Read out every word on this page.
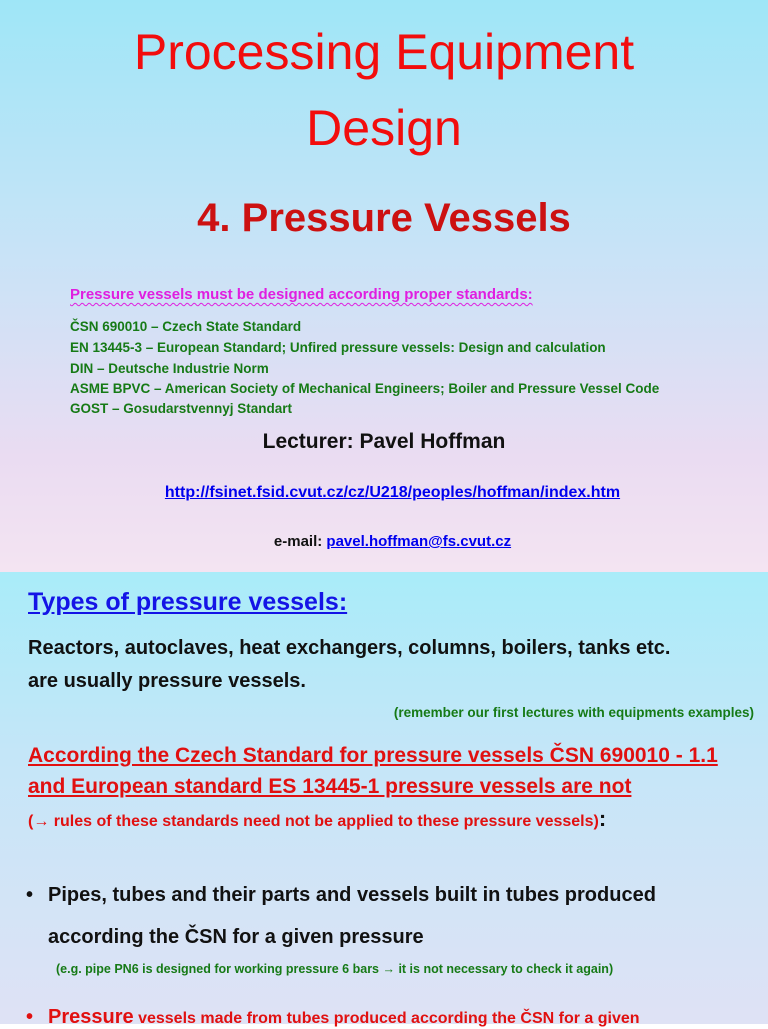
Processing Equipment
Design
4. Pressure Vessels
Pressure vessels must be designed according proper standards:
ČSN 690010 – Czech State Standard
EN 13445-3 – European Standard; Unfired pressure vessels: Design and calculation
DIN – Deutsche Industrie Norm
ASME BPVC – American Society of Mechanical Engineers; Boiler and Pressure Vessel Code
GOST – Gosudarstvennyj Standart
Lecturer: Pavel Hoffman
http://fsinet.fsid.cvut.cz/cz/U218/peoples/hoffman/index.htm
e-mail: pavel.hoffman@fs.cvut.cz
Types of pressure vessels:
Reactors, autoclaves, heat exchangers, columns, boilers, tanks etc.
are usually pressure vessels.
(remember our first lectures with equipments examples)
According the Czech Standard for pressure vessels ČSN 690010 - 1.1
and European standard ES 13445-1 pressure vessels are not
(→ rules of these standards need not be applied to these pressure vessels):
• Pipes, tubes and their parts and vessels built in tubes produced
according the ČSN for a given pressure
(e.g. pipe PN6 is designed for working pressure 6 bars → it is not necessary to check it again)
• Pressure vessels made from tubes produced according the ČSN for a given
